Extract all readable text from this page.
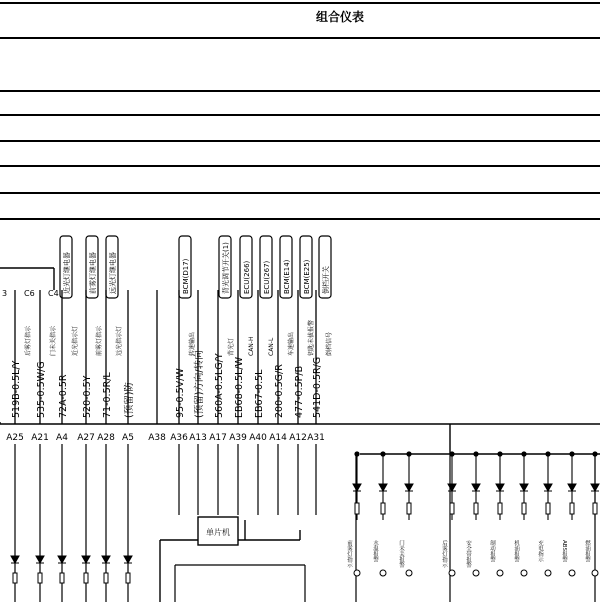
组合仪表
近光灯继电器	前雾灯继电器 远光灯继电器	BCM(D17)	背光调节开关(1) ECU(266) ECU(267) BCM(E14) BCM(E25) 倒档开关
519B-0.5L/Y
后雾灯指示
535-0.5W/G
门未关指示
72A-0.5R
近光指示灯
520-0.5Y
前雾灯指示
71-0.5R/L
远光指示灯
(预留)防	95-0.5V/W
转速输出
(预留)方向/转向 560A-0.5LG/Y
背光灯
EB68-0.5L/W
CAN-H
EB67-0.5L
CAN-L
200-0.5G/R
车速输出
477-0.5P/B
钥匙未拔报警
541D-0.5R/G
倒档信号
A25 A21 A4 A27 A28 A5 A38 A36 A13 A17 A39 A40 A14 A12 A31
前雾灯指示	水温报警	门未关报警	后雾灯指示	安全带报警	制动报警	机油报警	充电指示	ABS报警	燃油报警
3 C6 C4
单片机
